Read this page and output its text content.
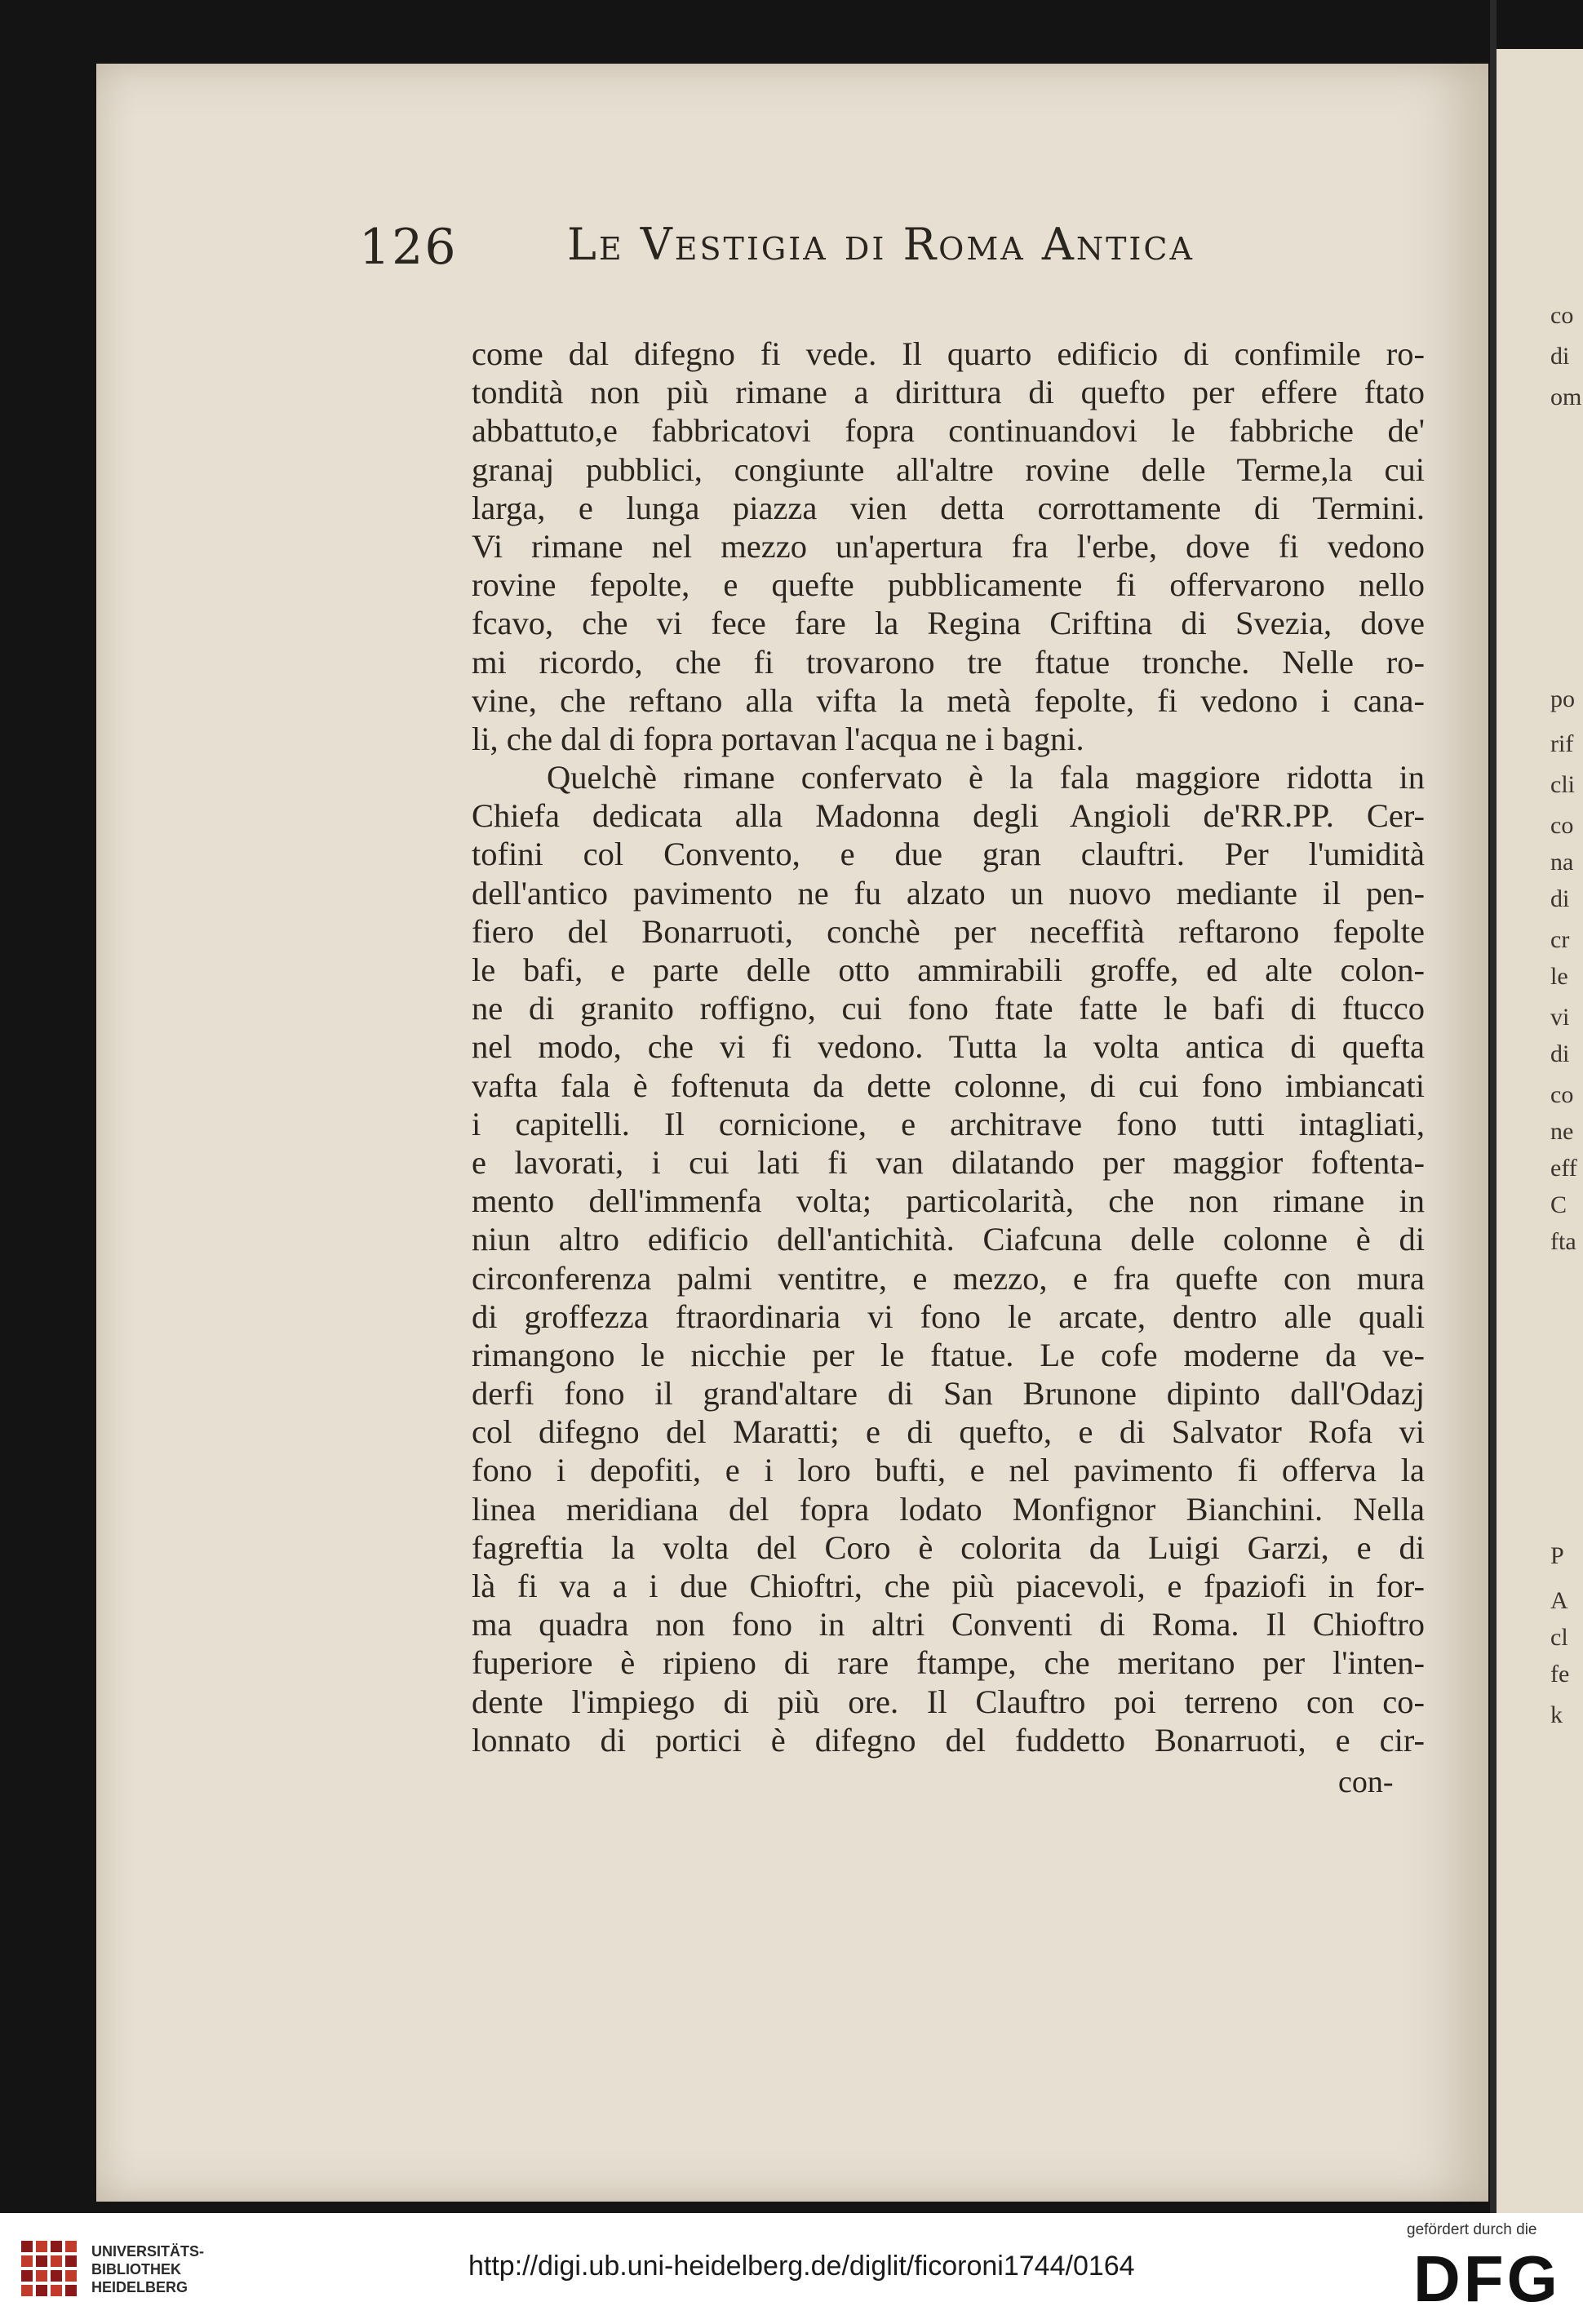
126 Le Vestigia di Roma Antica
come dal difegno fi vede. Il quarto edificio di confimile ro-
tondità non più rimane a dirittura di quefto per effere ftato
abbattuto,e fabbricatovi fopra continuandovi le fabbriche de'
granaj pubblici, congiunte all'altre rovine delle Terme,la cui
larga, e lunga piazza vien detta corrottamente di Termini.
Vi rimane nel mezzo un'apertura fra l'erbe, dove fi vedono
rovine fepolte, e quefte pubblicamente fi offervarono nello
fcavo, che vi fece fare la Regina Criftina di Svezia, dove
mi ricordo, che fi trovarono tre ftatue tronche. Nelle ro-
vine, che reftano alla vifta la metà fepolte, fi vedono i cana-
li, che dal di fopra portavan l'acqua ne i bagni.
Quelchè rimane confervato è la fala maggiore ridotta in
Chiefa dedicata alla Madonna degli Angioli de'RR.PP. Cer-
tofini col Convento, e due gran clauftri. Per l'umidità
dell'antico pavimento ne fu alzato un nuovo mediante il pen-
fiero del Bonarruoti, conchè per neceffità reftarono fepolte
le bafi, e parte delle otto ammirabili groffe, ed alte colon-
ne di granito roffigno, cui fono ftate fatte le bafi di ftucco
nel modo, che vi fi vedono. Tutta la volta antica di quefta
vafta fala è foftenuta da dette colonne, di cui fono imbiancati
i capitelli. Il cornicione, e architrave fono tutti intagliati,
e lavorati, i cui lati fi van dilatando per maggior foftenta-
mento dell'immenfa volta; particolarità, che non rimane in
niun altro edificio dell'antichità. Ciafcuna delle colonne è di
circonferenza palmi ventitre, e mezzo, e fra quefte con mura
di groffezza ftraordinaria vi fono le arcate, dentro alle quali
rimangono le nicchie per le ftatue. Le cofe moderne da ve-
derfi fono il grand'altare di San Brunone dipinto dall'Odazj
col difegno del Maratti; e di quefto, e di Salvator Rofa vi
fono i depofiti, e i loro bufti, e nel pavimento fi offerva la
linea meridiana del fopra lodato Monfignor Bianchini. Nella
fagreftia la volta del Coro è colorita da Luigi Garzi, e di
là fi va a i due Chioftri, che più piacevoli, e fpaziofi in for-
ma quadra non fono in altri Conventi di Roma. Il Chioftro
fuperiore è ripieno di rare ftampe, che meritano per l'inten-
dente l'impiego di più ore. Il Clauftro poi terreno con co-
lonnato di portici è difegno del fuddetto Bonarruoti, e cir-
con-
co
di
om
po
rif
cli
co
na
di
cr
le
vi
di
co
ne
eff
C
fta
P
A
cl
fe
k
UNIVERSITÄTS-
BIBLIOTHEK
HEIDELBERG
http://digi.ub.uni-heidelberg.de/diglit/ficoroni1744/0164
gefördert durch die
DFG
